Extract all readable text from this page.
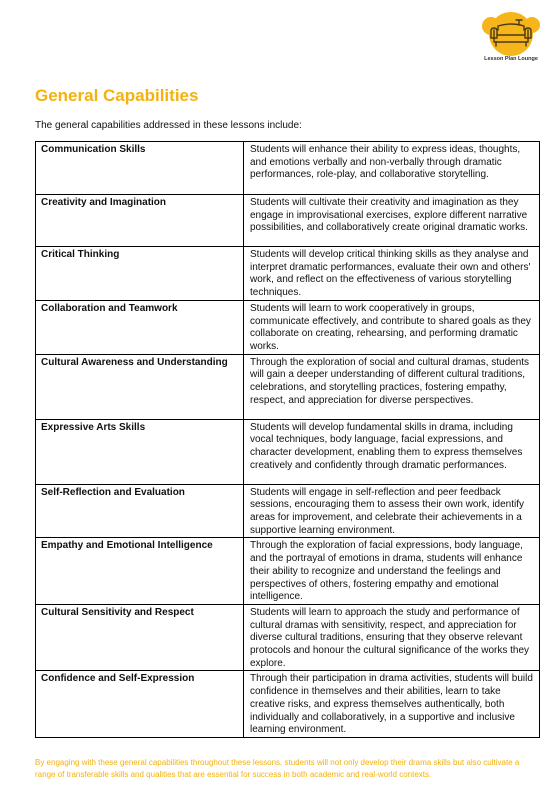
Lesson Plan Lounge
General Capabilities

The general capabilities addressed in these lessons include:

Communication Skills	Students will enhance their ability to express ideas, thoughts, and emotions verbally and non-verbally through dramatic performances, role-play, and collaborative storytelling.
Creativity and Imagination	Students will cultivate their creativity and imagination as they engage in improvisational exercises, explore different narrative possibilities, and collaboratively create original dramatic works.
Critical Thinking	Students will develop critical thinking skills as they analyse and interpret dramatic performances, evaluate their own and others' work, and reflect on the effectiveness of various storytelling techniques.
Collaboration and Teamwork	Students will learn to work cooperatively in groups, communicate effectively, and contribute to shared goals as they collaborate on creating, rehearsing, and performing dramatic works.
Cultural Awareness and Understanding	Through the exploration of social and cultural dramas, students will gain a deeper understanding of different cultural traditions, celebrations, and storytelling practices, fostering empathy, respect, and appreciation for diverse perspectives.
Expressive Arts Skills	Students will develop fundamental skills in drama, including vocal techniques, body language, facial expressions, and character development, enabling them to express themselves creatively and confidently through dramatic performances.
Self-Reflection and Evaluation	Students will engage in self-reflection and peer feedback sessions, encouraging them to assess their own work, identify areas for improvement, and celebrate their achievements in a supportive learning environment.
Empathy and Emotional Intelligence	Through the exploration of facial expressions, body language, and the portrayal of emotions in drama, students will enhance their ability to recognize and understand the feelings and perspectives of others, fostering empathy and emotional intelligence.
Cultural Sensitivity and Respect	Students will learn to approach the study and performance of cultural dramas with sensitivity, respect, and appreciation for diverse cultural traditions, ensuring that they observe relevant protocols and honour the cultural significance of the works they explore.
Confidence and Self-Expression	Through their participation in drama activities, students will build confidence in themselves and their abilities, learn to take creative risks, and express themselves authentically, both individually and collaboratively, in a supportive and inclusive learning environment.

By engaging with these general capabilities throughout these lessons, students will not only develop their drama skills but also cultivate a range of transferable skills and qualities that are essential for success in both academic and real-world contexts.
